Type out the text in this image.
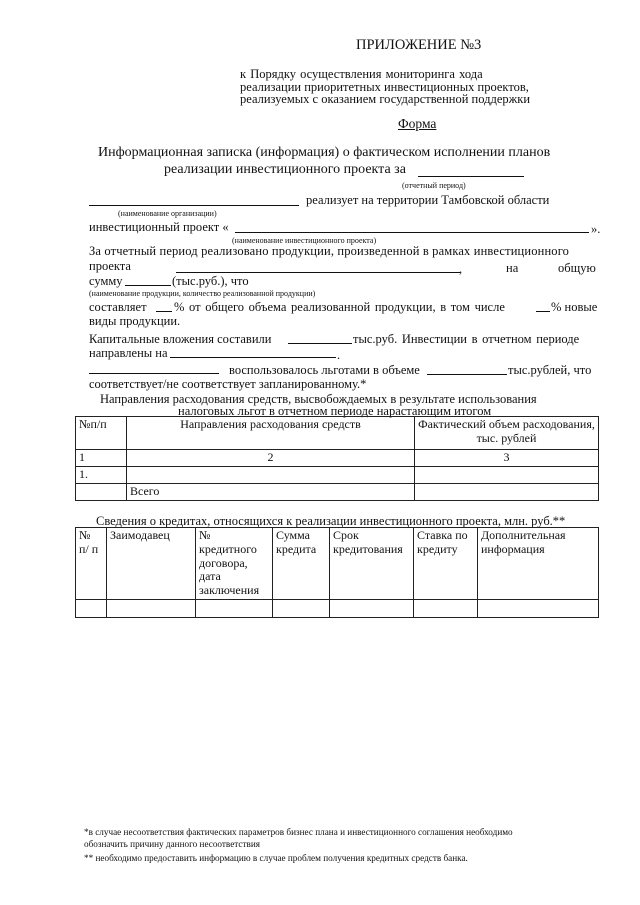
ПРИЛОЖЕНИЕ №3
к Порядку осуществления мониторинга хода
реализации приоритетных инвестиционных проектов,
реализуемых с оказанием государственной поддержки
Форма
Информационная записка (информация) о фактическом исполнении планов
реализации инвестиционного проекта за
(отчетный период)
реализует на территории Тамбовской области
(наименование организации)
инвестиционный проект «	».
(наименование инвестиционного проекта)
За отчетный период реализовано продукции, произведенной в рамках инвестиционного
проекта	,	на	общую
сумму	(тыс.руб.), что
(наименование продукции, количество реализованной продукции)
составляет % от общего объема реализованной продукции, в том числе	% новые
виды продукции.
Капитальные вложения составили	тыс.руб. Инвестиции в отчетном периоде
направлены на	.
воспользовалось льготами в объеме	тыс.рублей, что
соответствует/не соответствует запланированному.*
Направления расходования средств, высвобождаемых в результате использования
налоговых льгот в отчетном периоде нарастающим итогом
№п/п	Направления расходования средств	Фактический объем расходования, тыс. рублей
1	2	3
1.		
	Всего	
Сведения о кредитах, относящихся к реализации инвестиционного проекта, млн. руб.**
№ п/ п	Заимодавец	№ кредитного договора, дата заключения	Сумма кредита	Срок кредитования	Ставка по кредиту	Дополнительная информация

*в случае несоответствия фактических параметров бизнес плана и инвестиционного соглашения необходимо
обозначить причину данного несоответствия
** необходимо предоставить информацию в случае проблем получения кредитных средств банка.
